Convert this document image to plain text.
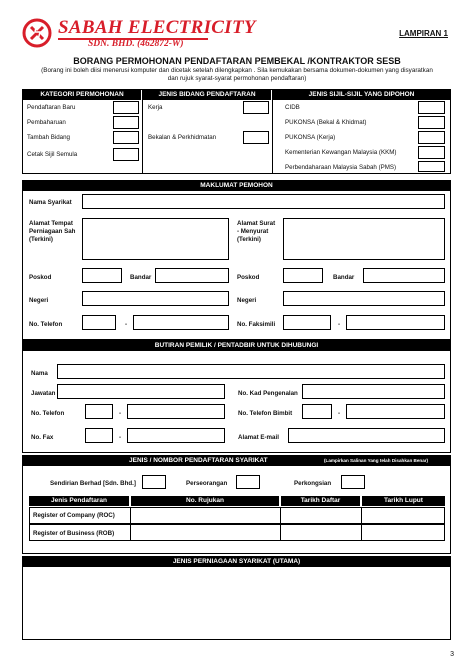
SABAH ELECTRICITY
SDN. BHD. (462872-W)
LAMPIRAN 1
BORANG PERMOHONAN PENDAFTARAN PEMBEKAL /KONTRAKTOR SESB
(Borang ini boleh diisi menerusi komputer dan dicetak setelah dilengkapkan . Sila kemukakan bersama dokumen-dokumen yang disyaratkan
dan rujuk syarat-syarat permohonan pendaftaran)
KATEGORI PERMOHONAN	JENIS BIDANG PENDAFTARAN	JENIS SIJIL-SIJIL YANG DIPOHON
Pendaftaran Baru
Pembaharuan
Tambah Bidang
Cetak Sijil Semula
Kerja
Bekalan & Perkhidmatan
CIDB
PUKONSA (Bekal & Khidmat)
PUKONSA (Kerja)
Kementerian Kewangan Malaysia (KKM)
Perbendaharaan Malaysia Sabah (PMS)
MAKLUMAT PEMOHON
Nama Syarikat
Alamat Tempat
Perniagaan Sah
(Terkini)
Alamat Surat
- Menyurat
(Terkini)
Poskod	Bandar	Poskod	Bandar
Negeri	Negeri
No. Telefon	-	No. Faksimili	-
BUTIRAN PEMILIK / PENTADBIR UNTUK DIHUBUNGI
Nama
Jawatan	No. Kad Pengenalan
No. Telefon	-	No. Telefon Bimbit	-
No. Fax	-	Alamat E-mail
JENIS / NOMBOR PENDAFTARAN SYARIKAT	(Lampirkan Salinan Yang telah Disahkan Benar)
Sendirian Berhad [Sdn. Bhd.]	Perseorangan	Perkongsian
Jenis Pendaftaran	No. Rujukan	Tarikh Daftar	Tarikh Luput
Register of Company (ROC)
Register of Business (ROB)
JENIS PERNIAGAAN SYARIKAT (UTAMA)
3
